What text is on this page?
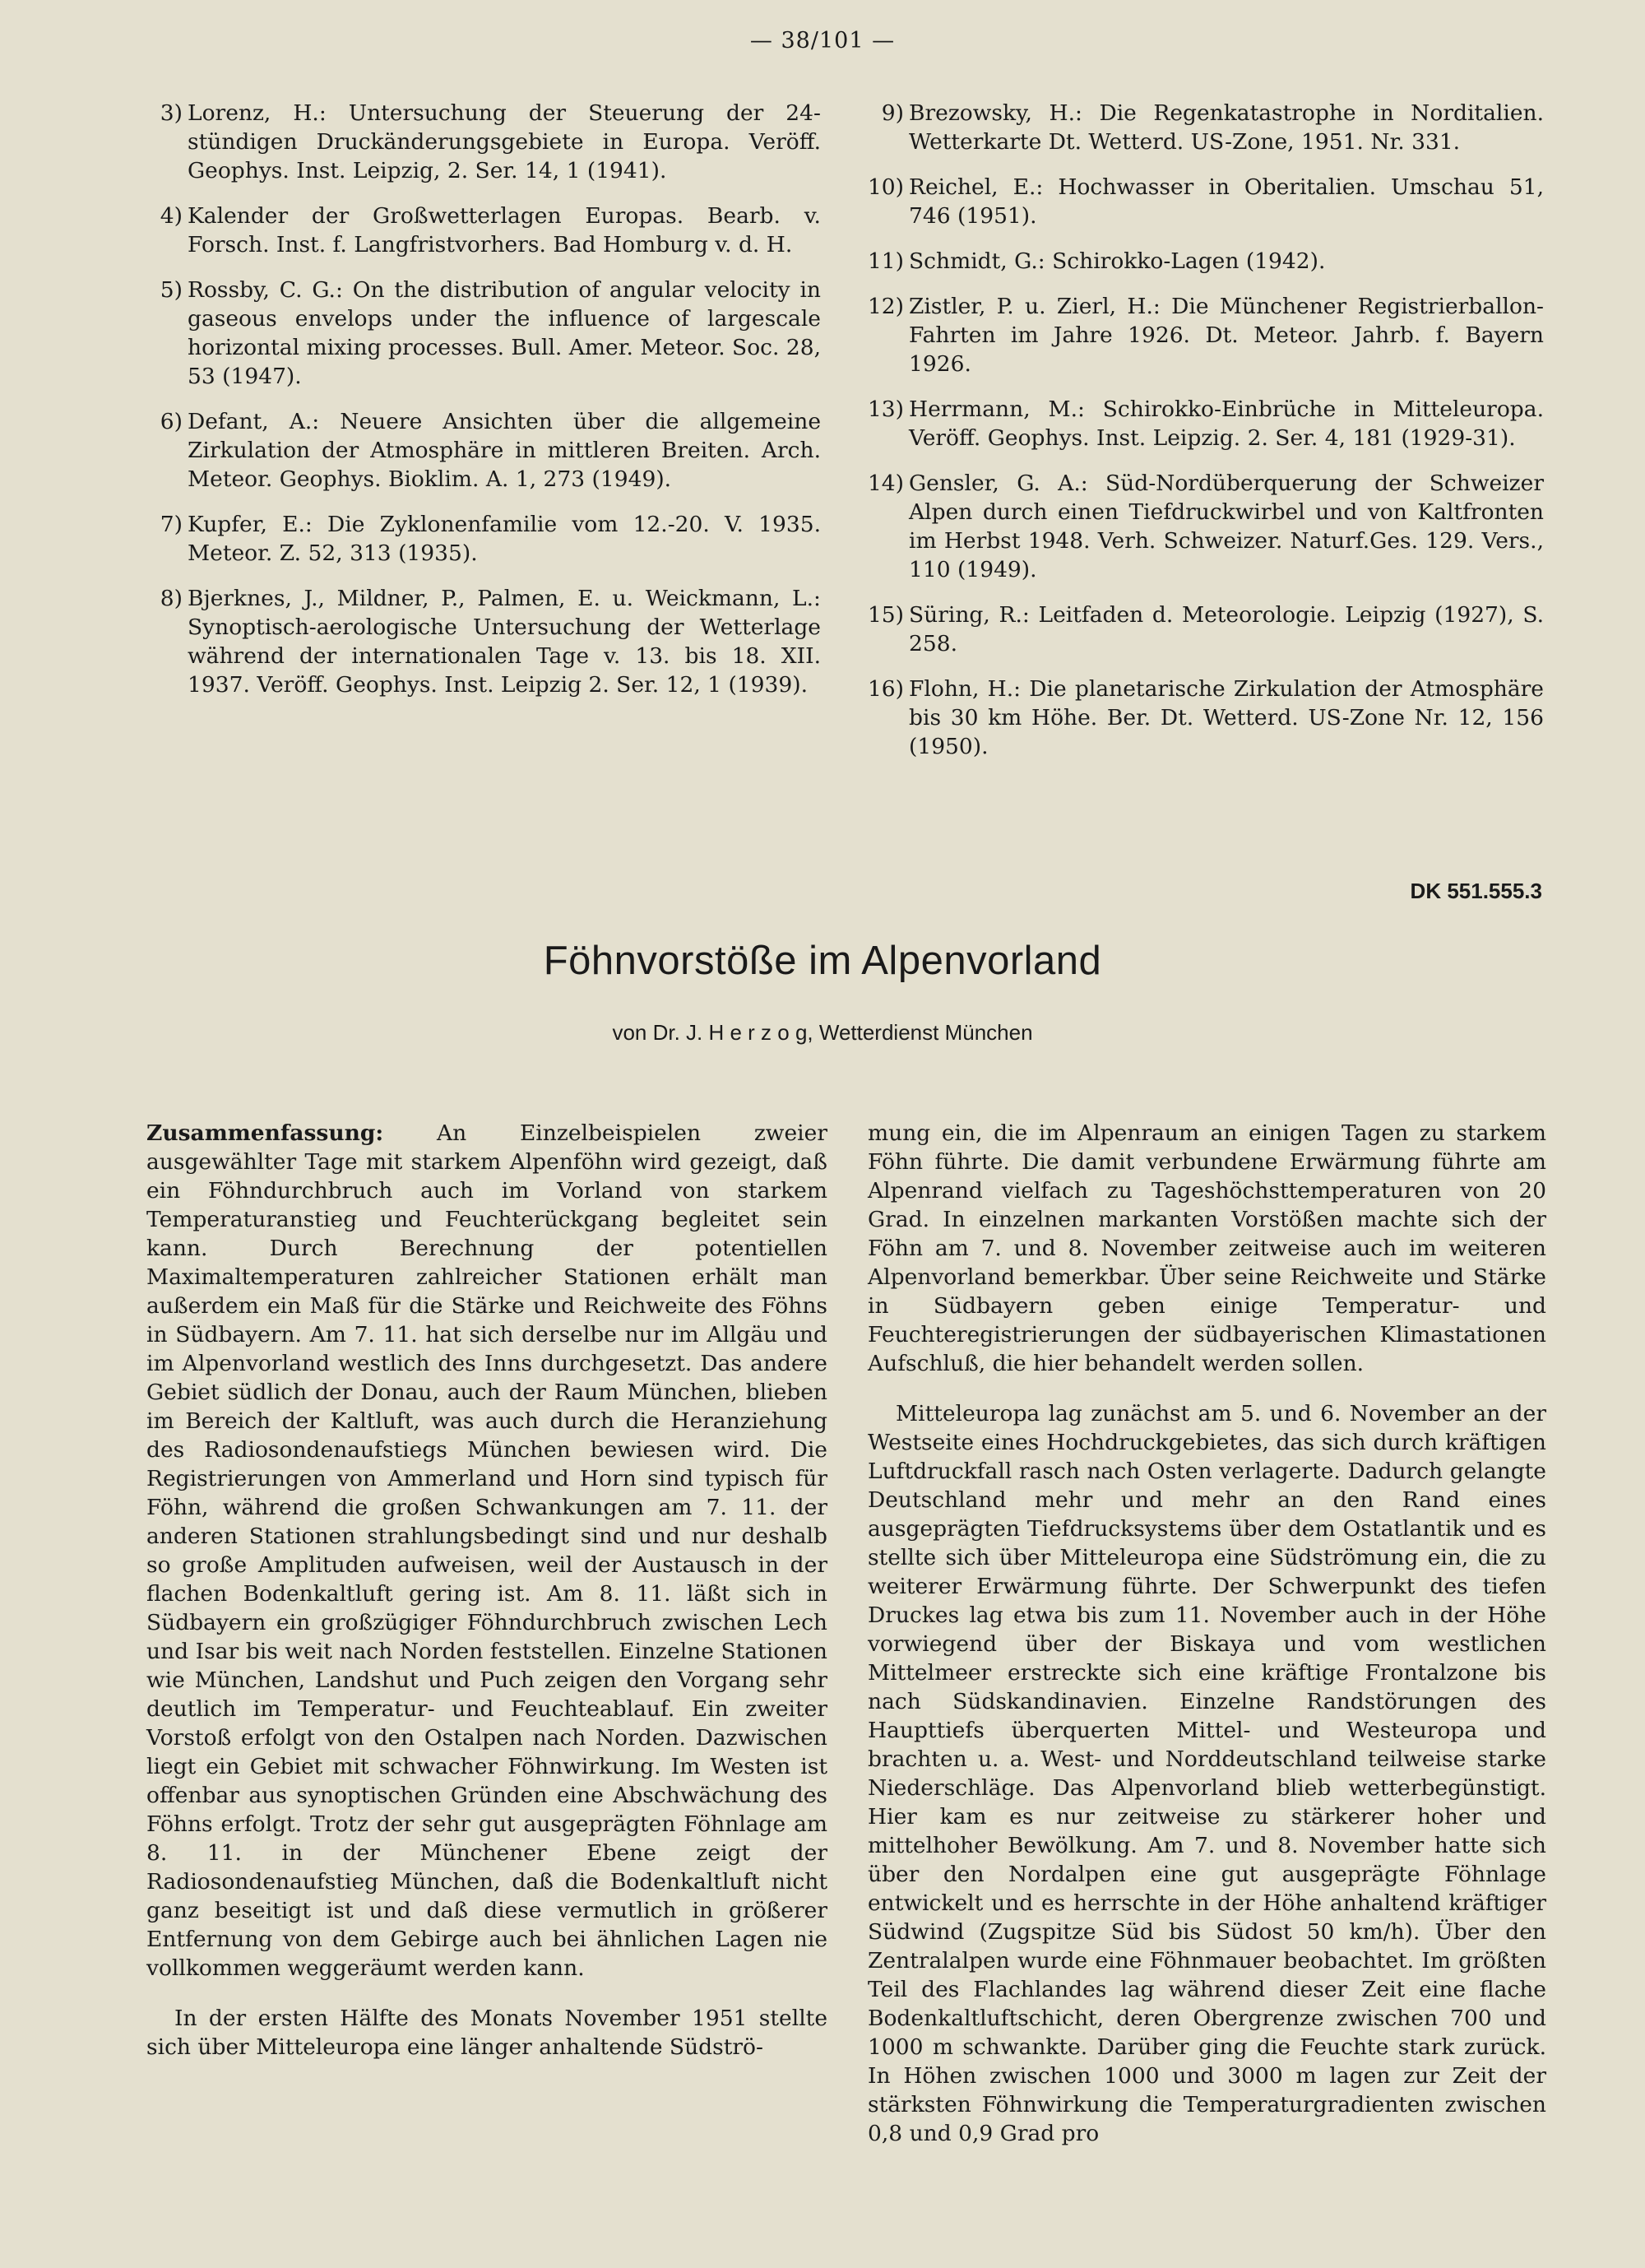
— 38/101 —
3) Lorenz, H.: Untersuchung der Steuerung der 24-stündigen Druckänderungsgebiete in Europa. Veröff. Geophys. Inst. Leipzig, 2. Ser. 14, 1 (1941).
4) Kalender der Großwetterlagen Europas. Bearb. v. Forsch. Inst. f. Langfristvorhers. Bad Homburg v. d. H.
5) Rossby, C. G.: On the distribution of angular velocity in gaseous envelops under the influence of largescale horizontal mixing processes. Bull. Amer. Meteor. Soc. 28, 53 (1947).
6) Defant, A.: Neuere Ansichten über die allgemeine Zirkulation der Atmosphäre in mittleren Breiten. Arch. Meteor. Geophys. Bioklim. A. 1, 273 (1949).
7) Kupfer, E.: Die Zyklonenfamilie vom 12.-20. V. 1935. Meteor. Z. 52, 313 (1935).
8) Bjerknes, J., Mildner, P., Palmen, E. u. Weickmann, L.: Synoptisch-aerologische Untersuchung der Wetterlage während der internationalen Tage v. 13. bis 18. XII. 1937. Veröff. Geophys. Inst. Leipzig 2. Ser. 12, 1 (1939).
9) Brezowsky, H.: Die Regenkatastrophe in Norditalien. Wetterkarte Dt. Wetterd. US-Zone, 1951. Nr. 331.
10) Reichel, E.: Hochwasser in Oberitalien. Umschau 51, 746 (1951).
11) Schmidt, G.: Schirokko-Lagen (1942).
12) Zistler, P. u. Zierl, H.: Die Münchener Registrierballon-Fahrten im Jahre 1926. Dt. Meteor. Jahrb. f. Bayern 1926.
13) Herrmann, M.: Schirokko-Einbrüche in Mitteleuropa. Veröff. Geophys. Inst. Leipzig. 2. Ser. 4, 181 (1929-31).
14) Gensler, G. A.: Süd-Nordüberquerung der Schweizer Alpen durch einen Tiefdruckwirbel und von Kaltfronten im Herbst 1948. Verh. Schweizer. Naturf.Ges. 129. Vers., 110 (1949).
15) Süring, R.: Leitfaden d. Meteorologie. Leipzig (1927), S. 258.
16) Flohn, H.: Die planetarische Zirkulation der Atmosphäre bis 30 km Höhe. Ber. Dt. Wetterd. US-Zone Nr. 12, 156 (1950).
DK 551.555.3
Föhnvorstöße im Alpenvorland
von Dr. J. H e r z o g, Wetterdienst München

Zusammenfassung: An Einzelbeispielen zweier ausgewählter Tage mit starkem Alpenföhn wird gezeigt, daß ein Föhndurchbruch auch im Vorland von starkem Temperaturanstieg und Feuchterückgang begleitet sein kann. Durch Berechnung der potentiellen Maximaltemperaturen zahlreicher Stationen erhält man außerdem ein Maß für die Stärke und Reichweite des Föhns in Südbayern. Am 7. 11. hat sich derselbe nur im Allgäu und im Alpenvorland westlich des Inns durchgesetzt. Das andere Gebiet südlich der Donau, auch der Raum München, blieben im Bereich der Kaltluft, was auch durch die Heranziehung des Radiosondenaufstiegs München bewiesen wird. Die Registrierungen von Ammerland und Horn sind typisch für Föhn, während die großen Schwankungen am 7. 11. der anderen Stationen strahlungsbedingt sind und nur deshalb so große Amplituden aufweisen, weil der Austausch in der flachen Bodenkaltluft gering ist. Am 8. 11. läßt sich in Südbayern ein großzügiger Föhndurchbruch zwischen Lech und Isar bis weit nach Norden feststellen. Einzelne Stationen wie München, Landshut und Puch zeigen den Vorgang sehr deutlich im Temperatur- und Feuchteablauf. Ein zweiter Vorstoß erfolgt von den Ostalpen nach Norden. Dazwischen liegt ein Gebiet mit schwacher Föhnwirkung. Im Westen ist offenbar aus synoptischen Gründen eine Abschwächung des Föhns erfolgt. Trotz der sehr gut ausgeprägten Föhnlage am 8. 11. in der Münchener Ebene zeigt der Radiosondenaufstieg München, daß die Bodenkaltluft nicht ganz beseitigt ist und daß diese vermutlich in größerer Entfernung von dem Gebirge auch bei ähnlichen Lagen nie vollkommen weggeräumt werden kann.

In der ersten Hälfte des Monats November 1951 stellte sich über Mitteleuropa eine länger anhaltende Südströ-

mung ein, die im Alpenraum an einigen Tagen zu starkem Föhn führte. Die damit verbundene Erwärmung führte am Alpenrand vielfach zu Tageshöchsttemperaturen von 20 Grad. In einzelnen markanten Vorstößen machte sich der Föhn am 7. und 8. November zeitweise auch im weiteren Alpenvorland bemerkbar. Über seine Reichweite und Stärke in Südbayern geben einige Temperatur- und Feuchteregistrierungen der südbayerischen Klimastationen Aufschluß, die hier behandelt werden sollen.

Mitteleuropa lag zunächst am 5. und 6. November an der Westseite eines Hochdruckgebietes, das sich durch kräftigen Luftdruckfall rasch nach Osten verlagerte. Dadurch gelangte Deutschland mehr und mehr an den Rand eines ausgeprägten Tiefdrucksystems über dem Ostatlantik und es stellte sich über Mitteleuropa eine Südströmung ein, die zu weiterer Erwärmung führte. Der Schwerpunkt des tiefen Druckes lag etwa bis zum 11. November auch in der Höhe vorwiegend über der Biskaya und vom westlichen Mittelmeer erstreckte sich eine kräftige Frontalzone bis nach Südskandinavien. Einzelne Randstörungen des Haupttiefs überquerten Mittel- und Westeuropa und brachten u. a. West- und Norddeutschland teilweise starke Niederschläge. Das Alpenvorland blieb wetterbegünstigt. Hier kam es nur zeitweise zu stärkerer hoher und mittelhoher Bewölkung. Am 7. und 8. November hatte sich über den Nordalpen eine gut ausgeprägte Föhnlage entwickelt und es herrschte in der Höhe anhaltend kräftiger Südwind (Zugspitze Süd bis Südost 50 km/h). Über den Zentralalpen wurde eine Föhnmauer beobachtet. Im größten Teil des Flachlandes lag während dieser Zeit eine flache Bodenkaltluftschicht, deren Obergrenze zwischen 700 und 1000 m schwankte. Darüber ging die Feuchte stark zurück. In Höhen zwischen 1000 und 3000 m lagen zur Zeit der stärksten Föhnwirkung die Temperaturgradienten zwischen 0,8 und 0,9 Grad pro
